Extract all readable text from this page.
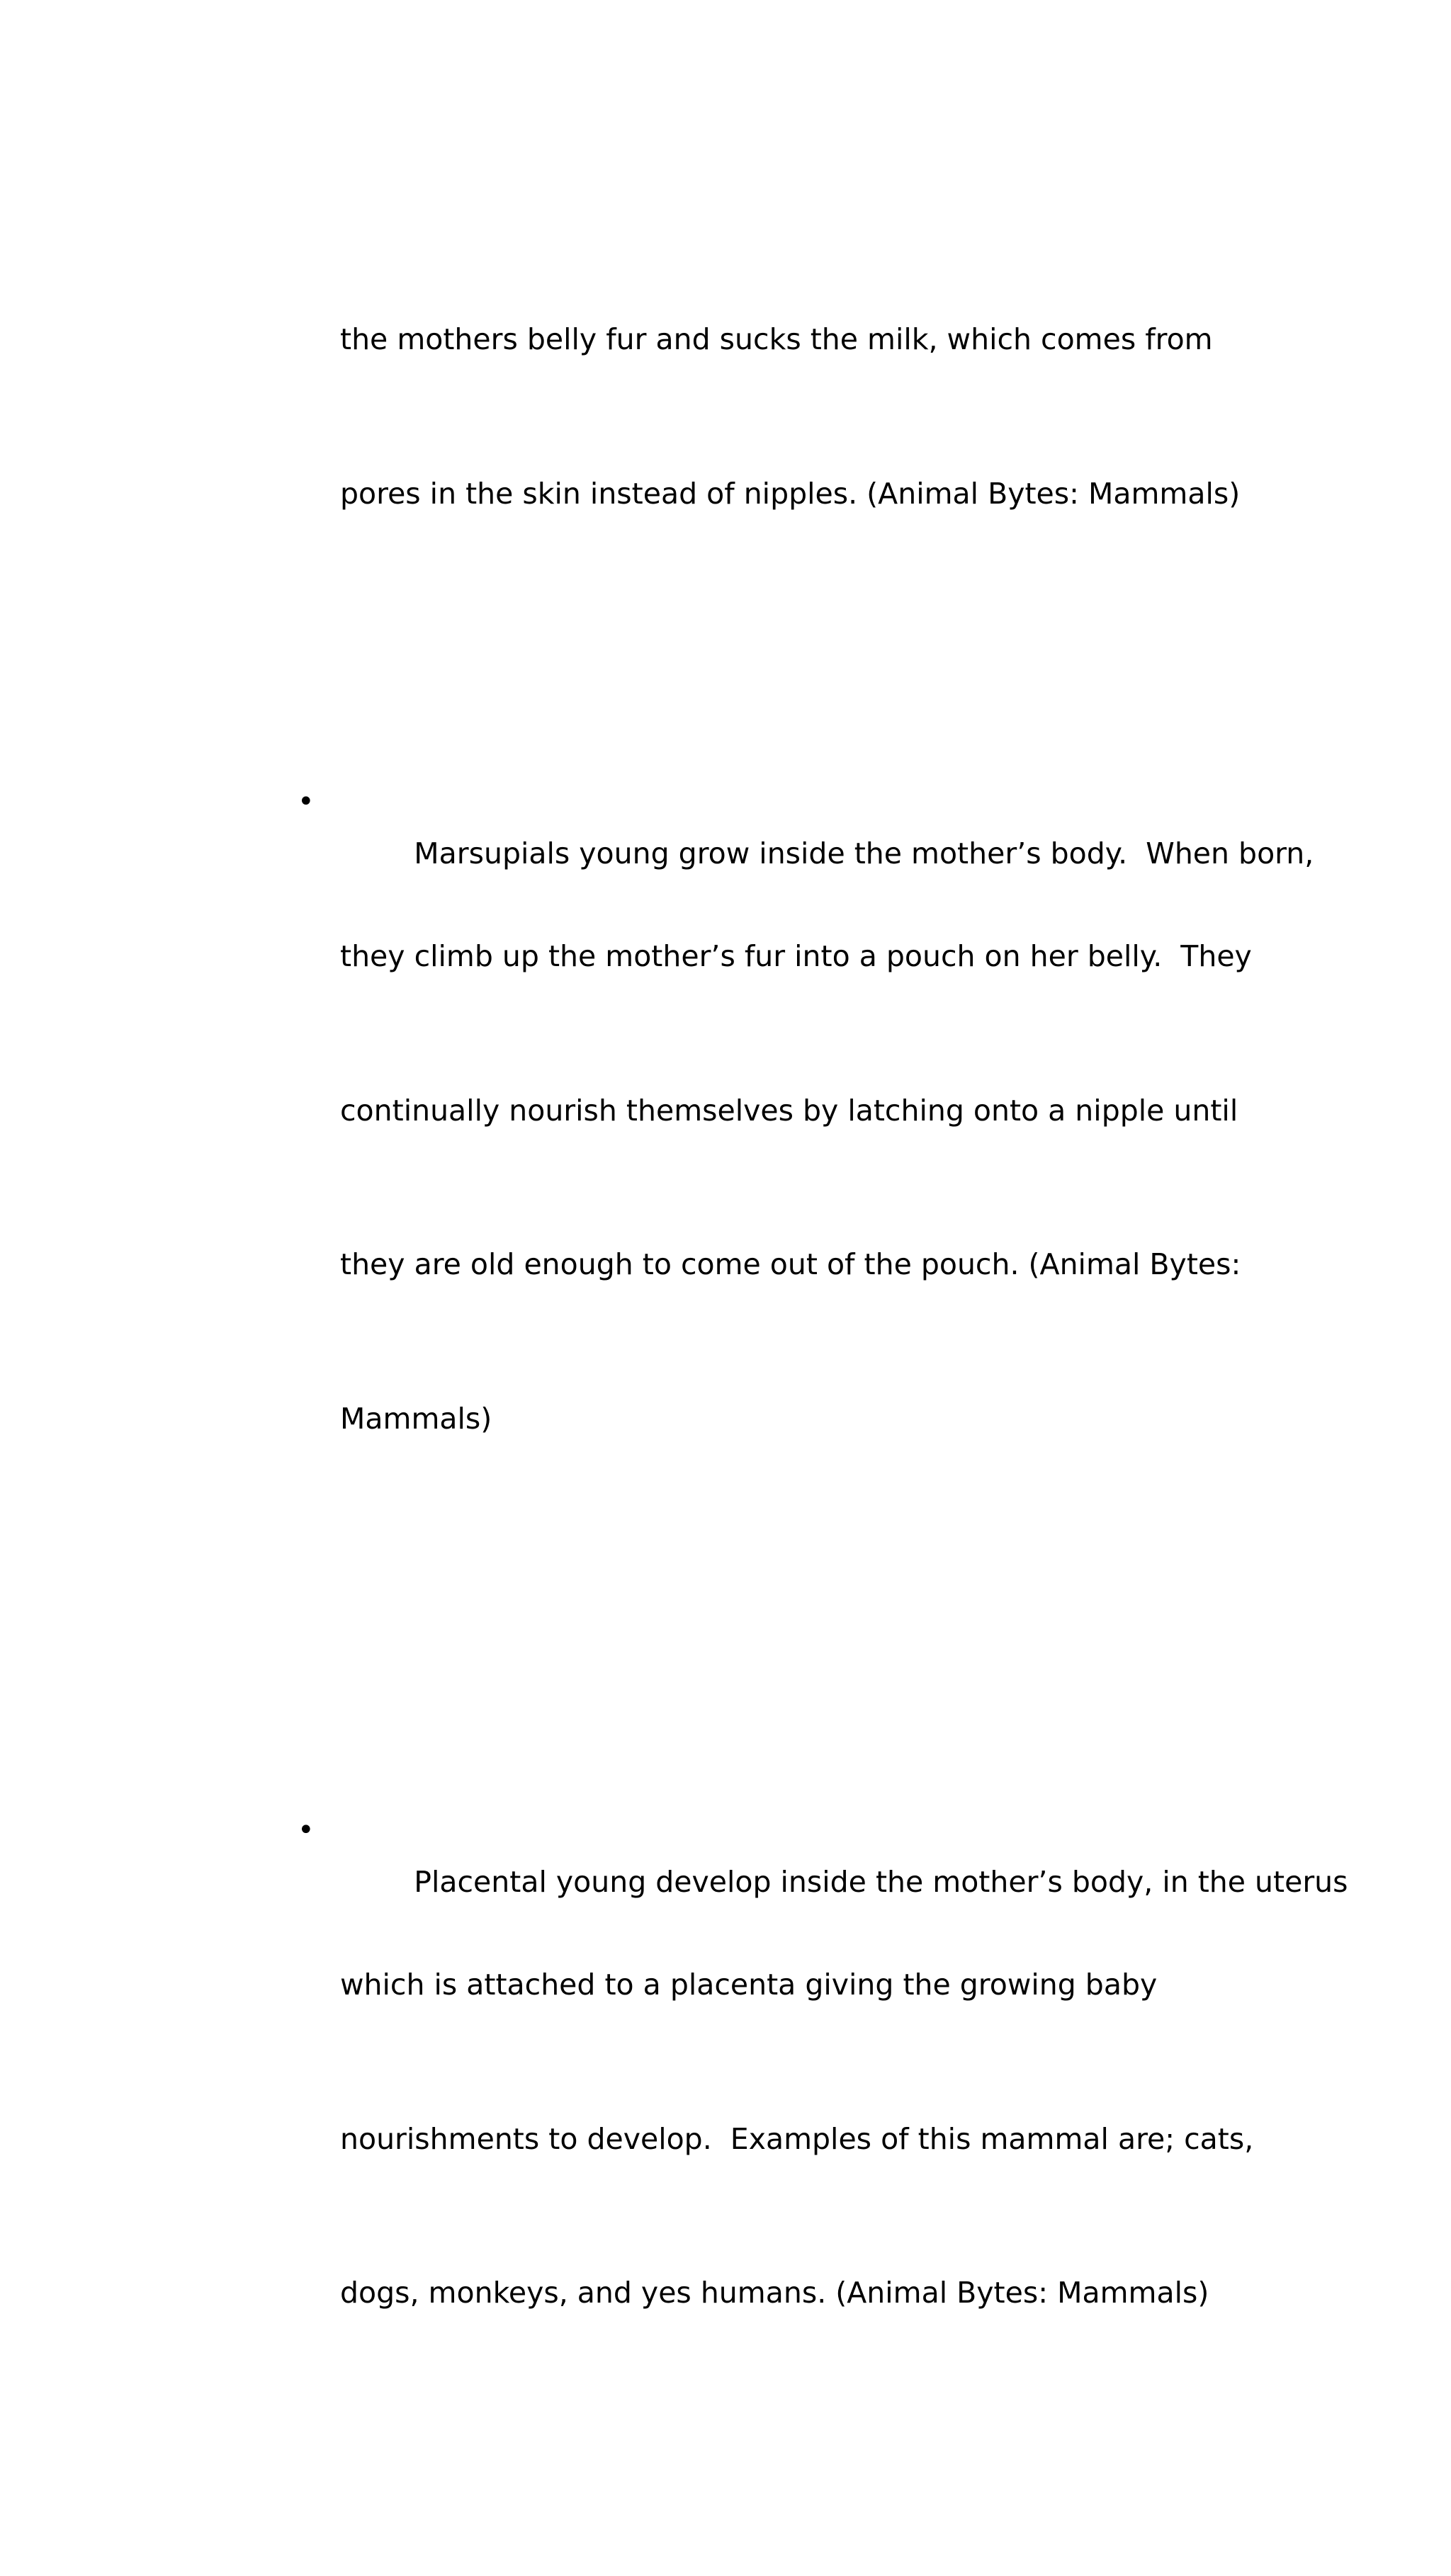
the mothers belly fur and sucks the milk, which comes from

pores in the skin instead of nipples. (Animal Bytes: Mammals)

•
Marsupials young grow inside the mother’s body.  When born,

they climb up the mother’s fur into a pouch on her belly.  They

continually nourish themselves by latching onto a nipple until

they are old enough to come out of the pouch. (Animal Bytes:

Mammals)

•
Placental young develop inside the mother’s body, in the uterus

which is attached to a placenta giving the growing baby

nourishments to develop.  Examples of this mammal are; cats,

dogs, monkeys, and yes humans. (Animal Bytes: Mammals)
